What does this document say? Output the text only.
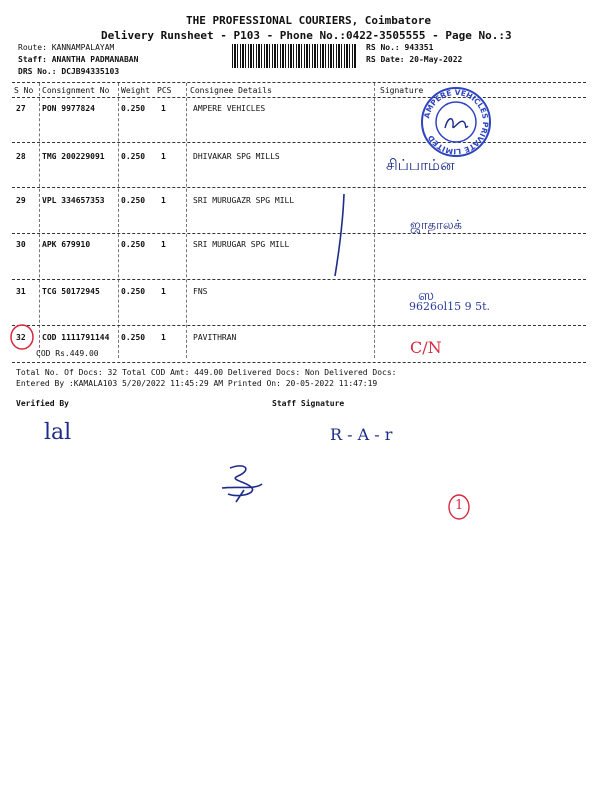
THE PROFESSIONAL COURIERS, Coimbatore
Delivery Runsheet - P103 - Phone No.:0422-3505555 - Page No.:3
Route: KANNAMPALAYAM
Staff: ANANTHA PADMANABAN
DRS No.: DCJB94335103
RS No.: 943351
RS Date: 20-May-2022
S No Consignment No Weight PCS Consignee Details	Signature
27 PON 9977824	0.250 1	AMPERE VEHICLES
28 TMG 200229091 0.250 1	DHIVAKAR SPG MILLS
29 VPL 334657353 0.250 1	SRI MURUGAZR SPG MILL
30 APK 679910	0.250 1	SRI MURUGAR SPG MILL
31 TCG 50172945	0.250 1	FNS
32 COD 1111791144 0.250 1	PAVITHRAN
COD Rs.449.00
Total No. Of Docs: 32 Total COD Amt: 449.00 Delivered Docs: Non Delivered Docs:
Entered By :KAMALA103 5/20/2022 11:45:29 AM Printed On: 20-05-2022 11:47:19
Verified By	Staff Signature
AMPERE VEHICLES PRIVATE LIMITED
சிப்பாம்ன
ஜாதாலக்
ஸ
9626ol15 9 5t.
C/N
lal	R - A - r
1
